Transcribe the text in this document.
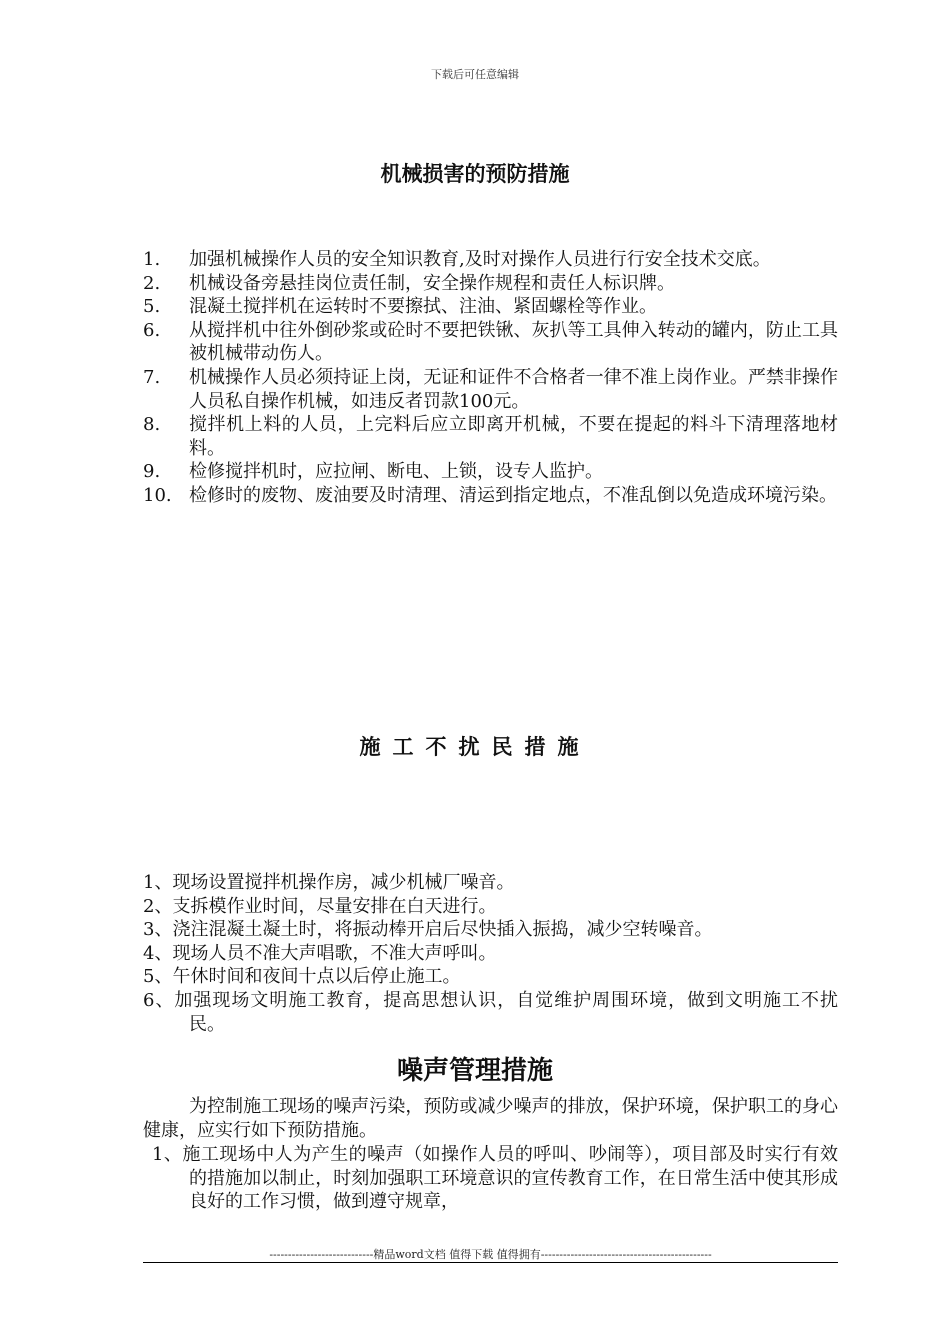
下载后可任意编辑
机械损害的预防措施
1.	加强机械操作人员的安全知识教育,及时对操作人员进行行安全技术交底。
2.	机械设备旁悬挂岗位责任制，安全操作规程和责任人标识牌。
5.	混凝土搅拌机在运转时不要擦拭、注油、紧固螺栓等作业。
6.	从搅拌机中往外倒砂浆或砼时不要把铁锹、灰扒等工具伸入转动的罐内，防止工具被机械带动伤人。
7.	机械操作人员必须持证上岗，无证和证件不合格者一律不准上岗作业。严禁非操作人员私自操作机械，如违反者罚款100元。
8.	搅拌机上料的人员，上完料后应立即离开机械，不要在提起的料斗下清理落地材料。
9.	检修搅拌机时，应拉闸、断电、上锁，设专人监护。
10. 检修时的废物、废油要及时清理、清运到指定地点，不准乱倒以免造成环境污染。
施工不扰民措施
1、现场设置搅拌机操作房，减少机械厂噪音。
2、支拆模作业时间，尽量安排在白天进行。
3、浇注混凝土凝土时，将振动棒开启后尽快插入振捣，减少空转噪音。
4、现场人员不准大声唱歌，不准大声呼叫。
5、午休时间和夜间十点以后停止施工。
6、加强现场文明施工教育，提高思想认识，自觉维护周围环境，做到文明施工不扰民。
噪声管理措施
为控制施工现场的噪声污染，预防或减少噪声的排放，保护环境，保护职工的身心健康，应实行如下预防措施。
1、施工现场中人为产生的噪声（如操作人员的呼叫、吵闹等），项目部及时实行有效的措施加以制止，时刻加强职工环境意识的宣传教育工作，在日常生活中使其形成良好的工作习惯，做到遵守规章，
----------------------------精品word文档 值得下载 值得拥有----------------------------------------------
